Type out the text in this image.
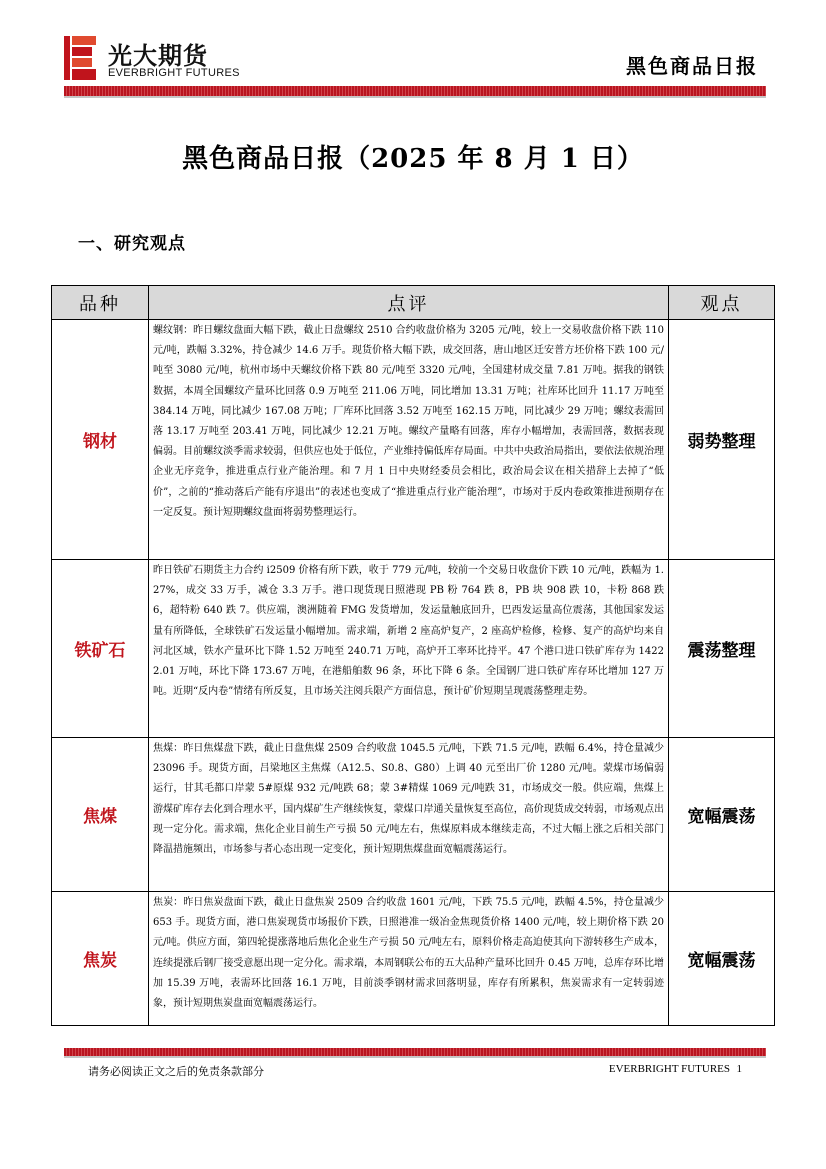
光大期货
EVERBRIGHT FUTURES	黑色商品日报
黑色商品日报（2025 年 8 月 1 日）
一、研究观点
品种	点评	观点
钢材	螺纹钢：昨日螺纹盘面大幅下跌，截止日盘螺纹 2510 合约收盘价格为 3205 元/吨，较上一交易收盘价格下跌 110 元/吨，跌幅 3.32%，持仓减少 14.6 万手。现货价格大幅下跌，成交回落，唐山地区迁安普方坯价格下跌 100 元/吨至 3080 元/吨，杭州市场中天螺纹价格下跌 80 元/吨至 3320 元/吨，全国建材成交量 7.81 万吨。据我的钢铁数据，本周全国螺纹产量环比回落 0.9 万吨至 211.06 万吨，同比增加 13.31 万吨；社库环比回升 11.17 万吨至 384.14 万吨，同比减少 167.08 万吨；厂库环比回落 3.52 万吨至 162.15 万吨，同比减少 29 万吨；螺纹表需回落 13.17 万吨至 203.41 万吨，同比减少 12.21 万吨。螺纹产量略有回落，库存小幅增加，表需回落，数据表现偏弱。目前螺纹淡季需求较弱，但供应也处于低位，产业维持偏低库存局面。中共中央政治局指出，要依法依规治理企业无序竞争，推进重点行业产能治理。和 7 月 1 日中央财经委员会相比，政治局会议在相关措辞上去掉了“低价”，之前的“推动落后产能有序退出”的表述也变成了“推进重点行业产能治理”，市场对于反内卷政策推进预期存在一定反复。预计短期螺纹盘面将弱势整理运行。	弱势整理
铁矿石	昨日铁矿石期货主力合约 i2509 价格有所下跌，收于 779 元/吨，较前一个交易日收盘价下跌 10 元/吨，跌幅为 1.27%，成交 33 万手，减仓 3.3 万手。港口现货现日照港现 PB 粉 764 跌 8，PB 块 908 跌 10，卡粉 868 跌 6，超特粉 640 跌 7。供应端，澳洲随着 FMG 发货增加，发运量触底回升，巴西发运量高位震荡，其他国家发运量有所降低，全球铁矿石发运量小幅增加。需求端，新增 2 座高炉复产，2 座高炉检修，检修、复产的高炉均来自河北区域，铁水产量环比下降 1.52 万吨至 240.71 万吨，高炉开工率环比持平。47 个港口进口铁矿库存为 14222.01 万吨，环比下降 173.67 万吨，在港船舶数 96 条，环比下降 6 条。全国钢厂进口铁矿库存环比增加 127 万吨。近期“反内卷”情绪有所反复，且市场关注阅兵限产方面信息，预计矿价短期呈现震荡整理走势。	震荡整理
焦煤	焦煤：昨日焦煤盘下跌，截止日盘焦煤 2509 合约收盘 1045.5 元/吨，下跌 71.5 元/吨，跌幅 6.4%，持仓量减少 23096 手。现货方面，吕梁地区主焦煤（A12.5、S0.8、G80）上调 40 元至出厂价 1280 元/吨。蒙煤市场偏弱运行，甘其毛都口岸蒙 5#原煤 932 元/吨跌 68；蒙 3#精煤 1069 元/吨跌 31，市场成交一般。供应端，焦煤上游煤矿库存去化到合理水平，国内煤矿生产继续恢复，蒙煤口岸通关量恢复至高位，高价现货成交转弱，市场观点出现一定分化。需求端，焦化企业目前生产亏损 50 元/吨左右，焦煤原料成本继续走高，不过大幅上涨之后相关部门降温措施频出，市场参与者心态出现一定变化，预计短期焦煤盘面宽幅震荡运行。	宽幅震荡
焦炭	焦炭：昨日焦炭盘面下跌，截止日盘焦炭 2509 合约收盘 1601 元/吨，下跌 75.5 元/吨，跌幅 4.5%，持仓量减少 653 手。现货方面，港口焦炭现货市场报价下跌，日照港准一级冶金焦现货价格 1400 元/吨，较上期价格下跌 20 元/吨。供应方面，第四轮提涨落地后焦化企业生产亏损 50 元/吨左右，原料价格走高迫使其向下游转移生产成本，连续提涨后钢厂接受意愿出现一定分化。需求端，本周钢联公布的五大品种产量环比回升 0.45 万吨，总库存环比增加 15.39 万吨，表需环比回落 16.1 万吨，目前淡季钢材需求回落明显，库存有所累积，焦炭需求有一定转弱迹象，预计短期焦炭盘面宽幅震荡运行。	宽幅震荡
请务必阅读正文之后的免责条款部分	EVERBRIGHT FUTURES 1
